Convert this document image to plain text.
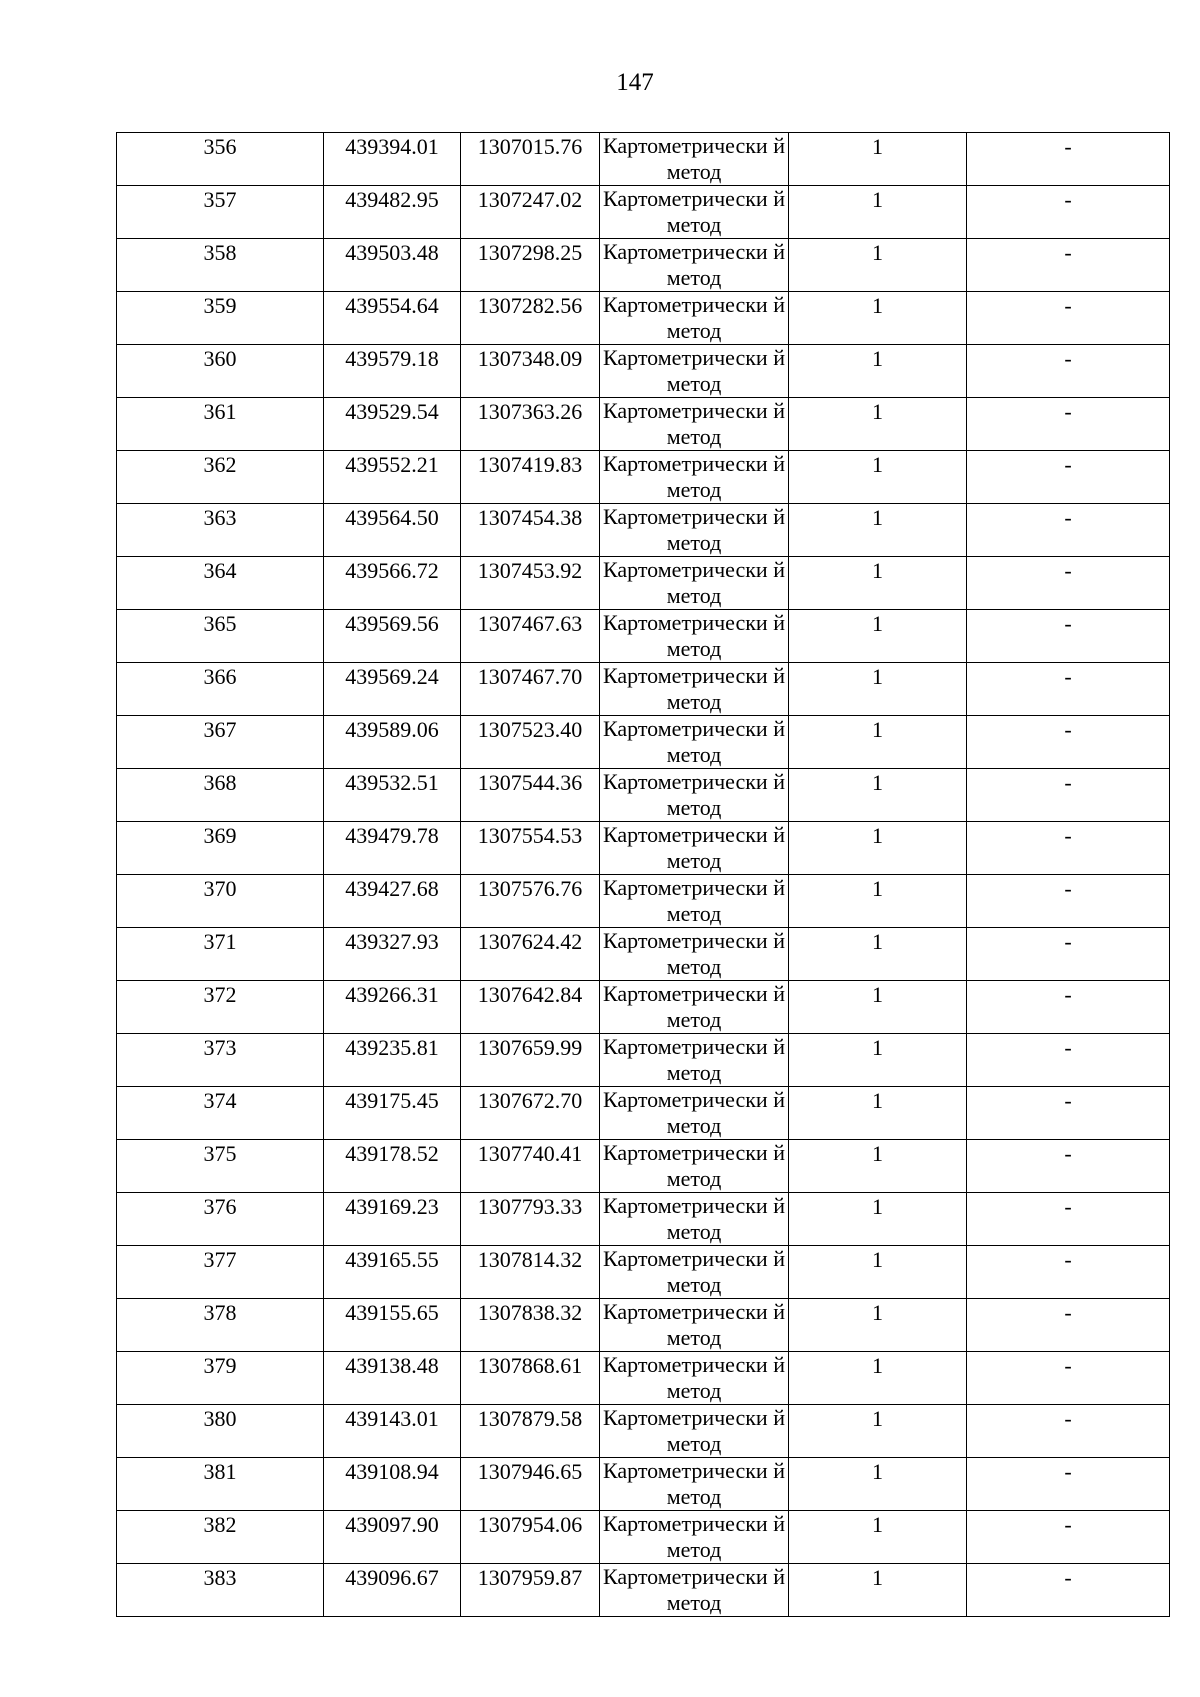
147
356	439394.01	1307015.76	Картометрически й метод	1	-

357	439482.95	1307247.02	Картометрически й метод	1	-

358	439503.48	1307298.25	Картометрически й метод	1	-

359	439554.64	1307282.56	Картометрически й метод	1	-

360	439579.18	1307348.09	Картометрически й метод	1	-

361	439529.54	1307363.26	Картометрически й метод	1	-

362	439552.21	1307419.83	Картометрически й метод	1	-

363	439564.50	1307454.38	Картометрически й метод	1	-

364	439566.72	1307453.92	Картометрически й метод	1	-

365	439569.56	1307467.63	Картометрически й метод	1	-

366	439569.24	1307467.70	Картометрически й метод	1	-

367	439589.06	1307523.40	Картометрически й метод	1	-

368	439532.51	1307544.36	Картометрически й метод	1	-

369	439479.78	1307554.53	Картометрически й метод	1	-

370	439427.68	1307576.76	Картометрически й метод	1	-

371	439327.93	1307624.42	Картометрически й метод	1	-

372	439266.31	1307642.84	Картометрически й метод	1	-

373	439235.81	1307659.99	Картометрически й метод	1	-

374	439175.45	1307672.70	Картометрически й метод	1	-

375	439178.52	1307740.41	Картометрически й метод	1	-

376	439169.23	1307793.33	Картометрически й метод	1	-

377	439165.55	1307814.32	Картометрически й метод	1	-

378	439155.65	1307838.32	Картометрически й метод	1	-

379	439138.48	1307868.61	Картометрически й метод	1	-

380	439143.01	1307879.58	Картометрически й метод	1	-

381	439108.94	1307946.65	Картометрически й метод	1	-

382	439097.90	1307954.06	Картометрически й метод	1	-

383	439096.67	1307959.87	Картометрически й метод	1	-
